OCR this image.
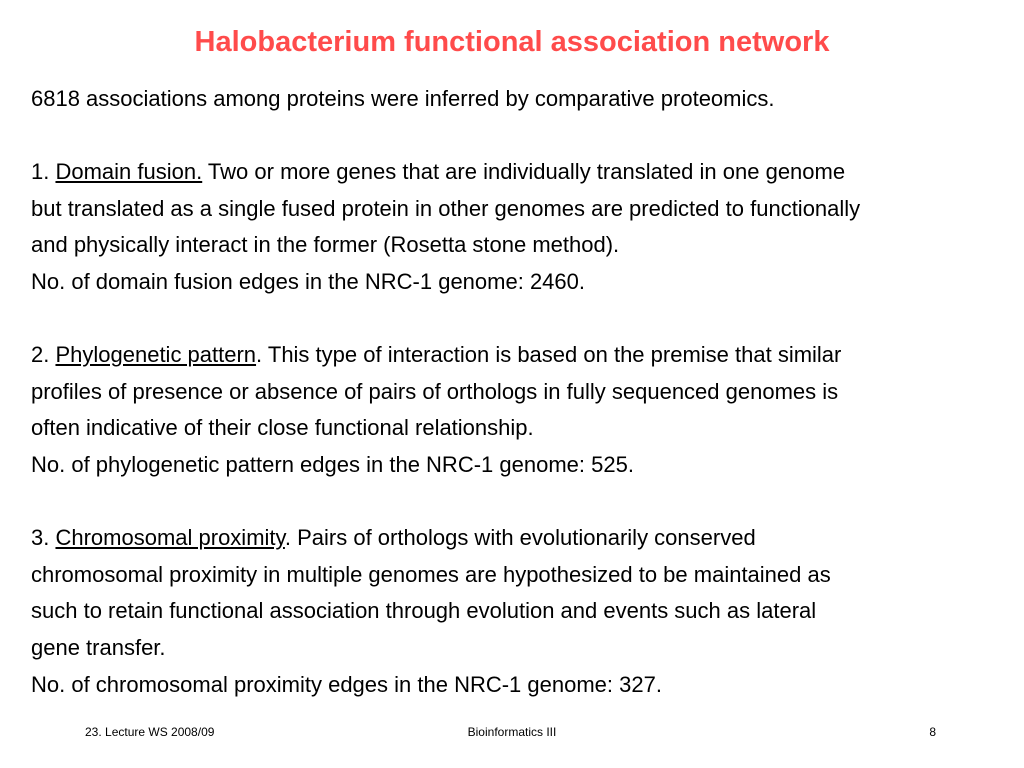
Halobacterium functional association network
6818 associations among proteins were inferred by comparative proteomics.
1. Domain fusion. Two or more genes that are individually translated in one genome
but translated as a single fused protein in other genomes are predicted to functionally
and physically interact in the former (Rosetta stone method).
No. of domain fusion edges in the NRC-1 genome: 2460.
2. Phylogenetic pattern. This type of interaction is based on the premise that similar
profiles of presence or absence of pairs of orthologs in fully sequenced genomes is
often indicative of their close functional relationship.
No. of phylogenetic pattern edges in the NRC-1 genome: 525.
3. Chromosomal proximity. Pairs of orthologs with evolutionarily conserved
chromosomal proximity in multiple genomes are hypothesized to be maintained as
such to retain functional association through evolution and events such as lateral
gene transfer.
No. of chromosomal proximity edges in the NRC-1 genome: 327.
23. Lecture WS 2008/09	Bioinformatics III	8
